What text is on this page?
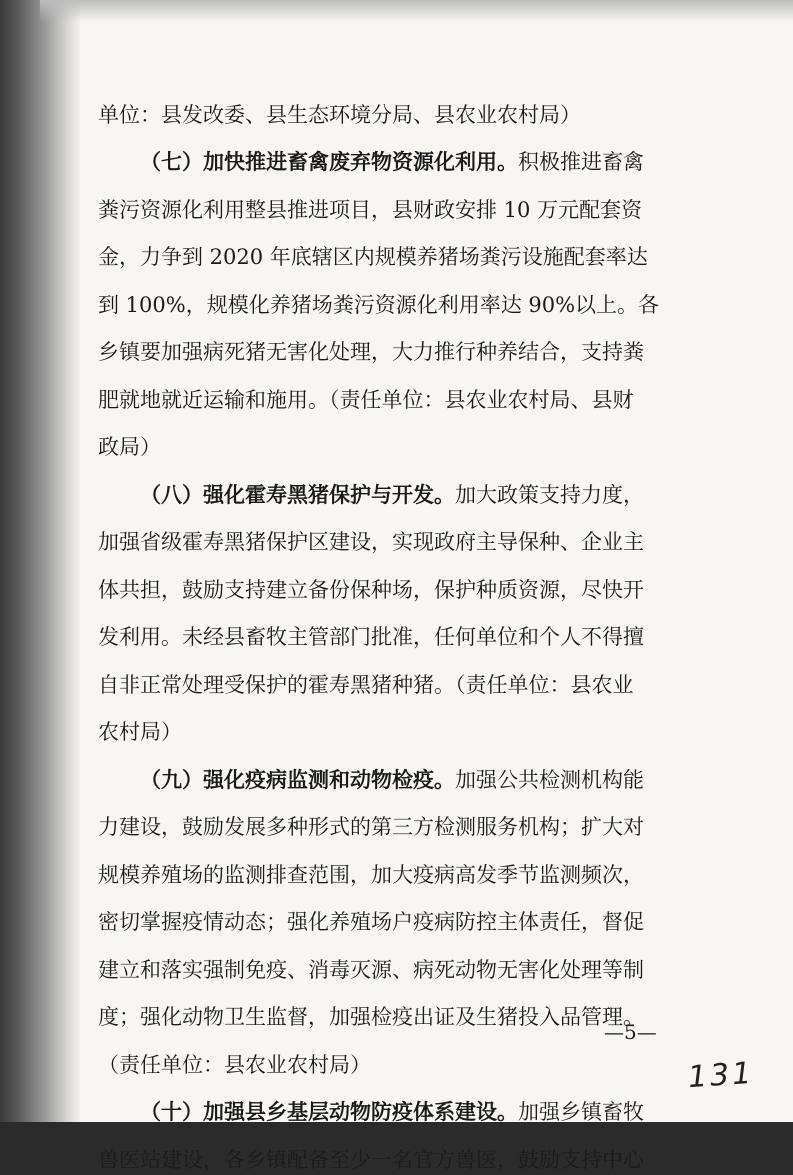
单位：县发改委、县生态环境分局、县农业农村局）
（七）加快推进畜禽废弃物资源化利用。积极推进畜禽
粪污资源化利用整县推进项目，县财政安排 10 万元配套资
金，力争到 2020 年底辖区内规模养猪场粪污设施配套率达
到 100%，规模化养猪场粪污资源化利用率达 90%以上。各
乡镇要加强病死猪无害化处理，大力推行种养结合，支持粪
肥就地就近运输和施用。（责任单位：县农业农村局、县财
政局）
（八）强化霍寿黑猪保护与开发。加大政策支持力度，
加强省级霍寿黑猪保护区建设，实现政府主导保种、企业主
体共担，鼓励支持建立备份保种场，保护种质资源，尽快开
发利用。未经县畜牧主管部门批准，任何单位和个人不得擅
自非正常处理受保护的霍寿黑猪种猪。（责任单位：县农业
农村局）
（九）强化疫病监测和动物检疫。加强公共检测机构能
力建设，鼓励发展多种形式的第三方检测服务机构；扩大对
规模养殖场的监测排查范围，加大疫病高发季节监测频次，
密切掌握疫情动态；强化养殖场户疫病防控主体责任，督促
建立和落实强制免疫、消毒灭源、病死动物无害化处理等制
度；强化动物卫生监督，加强检疫出证及生猪投入品管理。
（责任单位：县农业农村局）
（十）加强县乡基层动物防疫体系建设。加强乡镇畜牧
兽医站建设，各乡镇配备至少一名官方兽医，鼓励支持中心
—5—
131
